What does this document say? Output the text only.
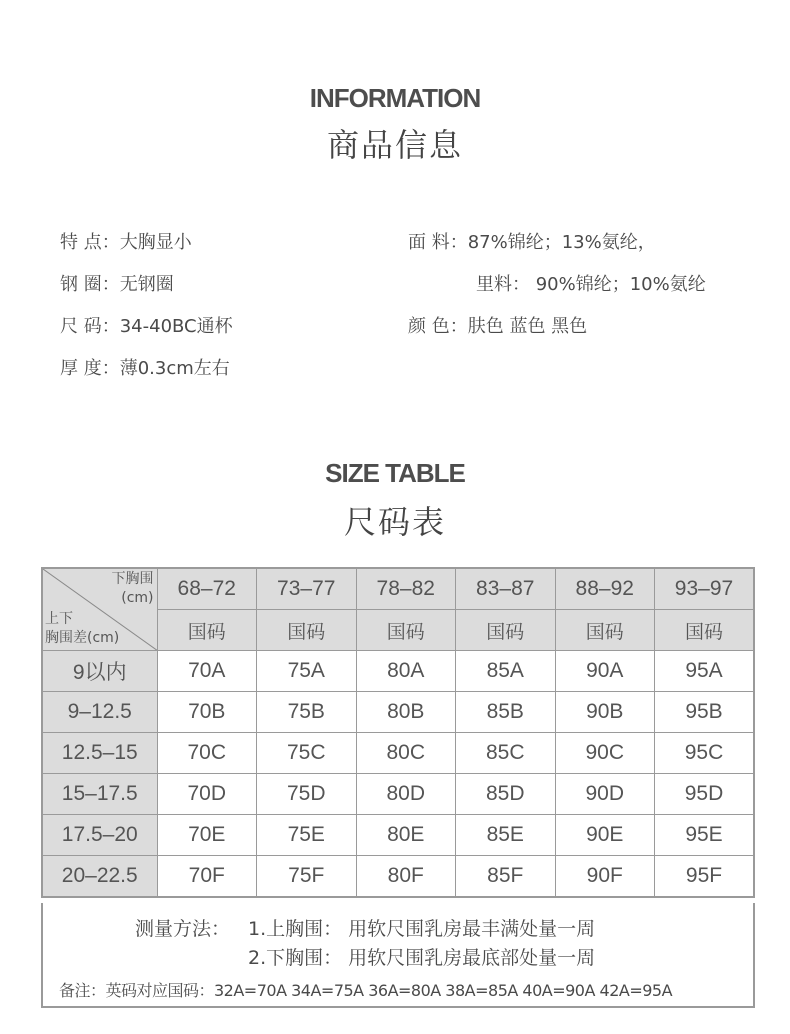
INFORMATION
商品信息
特 点：大胸显小
钢 圈：无钢圈
尺 码：34-40BC通杯
厚 度：薄0.3cm左右
面 料：87%锦纶；13%氨纶，
里料： 90%锦纶；10%氨纶
颜 色：肤色 蓝色 黑色
SIZE TABLE
尺码表
下胸围
(cm)
上下
胸围差(cm)	68–72	73–77	78–82	83–87	88–92	93–97
	国码	国码	国码	国码	国码	国码
9以内	70A	75A	80A	85A	90A	95A
9–12.5	70B	75B	80B	85B	90B	95B
12.5–15	70C	75C	80C	85C	90C	95C
15–17.5	70D	75D	80D	85D	90D	95D
17.5–20	70E	75E	80E	85E	90E	95E
20–22.5	70F	75F	80F	85F	90F	95F
测量方法： 1.上胸围： 用软尺围乳房最丰满处量一周
2.下胸围： 用软尺围乳房最底部处量一周
备注：英码对应国码：32A=70A 34A=75A 36A=80A 38A=85A 40A=90A 42A=95A
